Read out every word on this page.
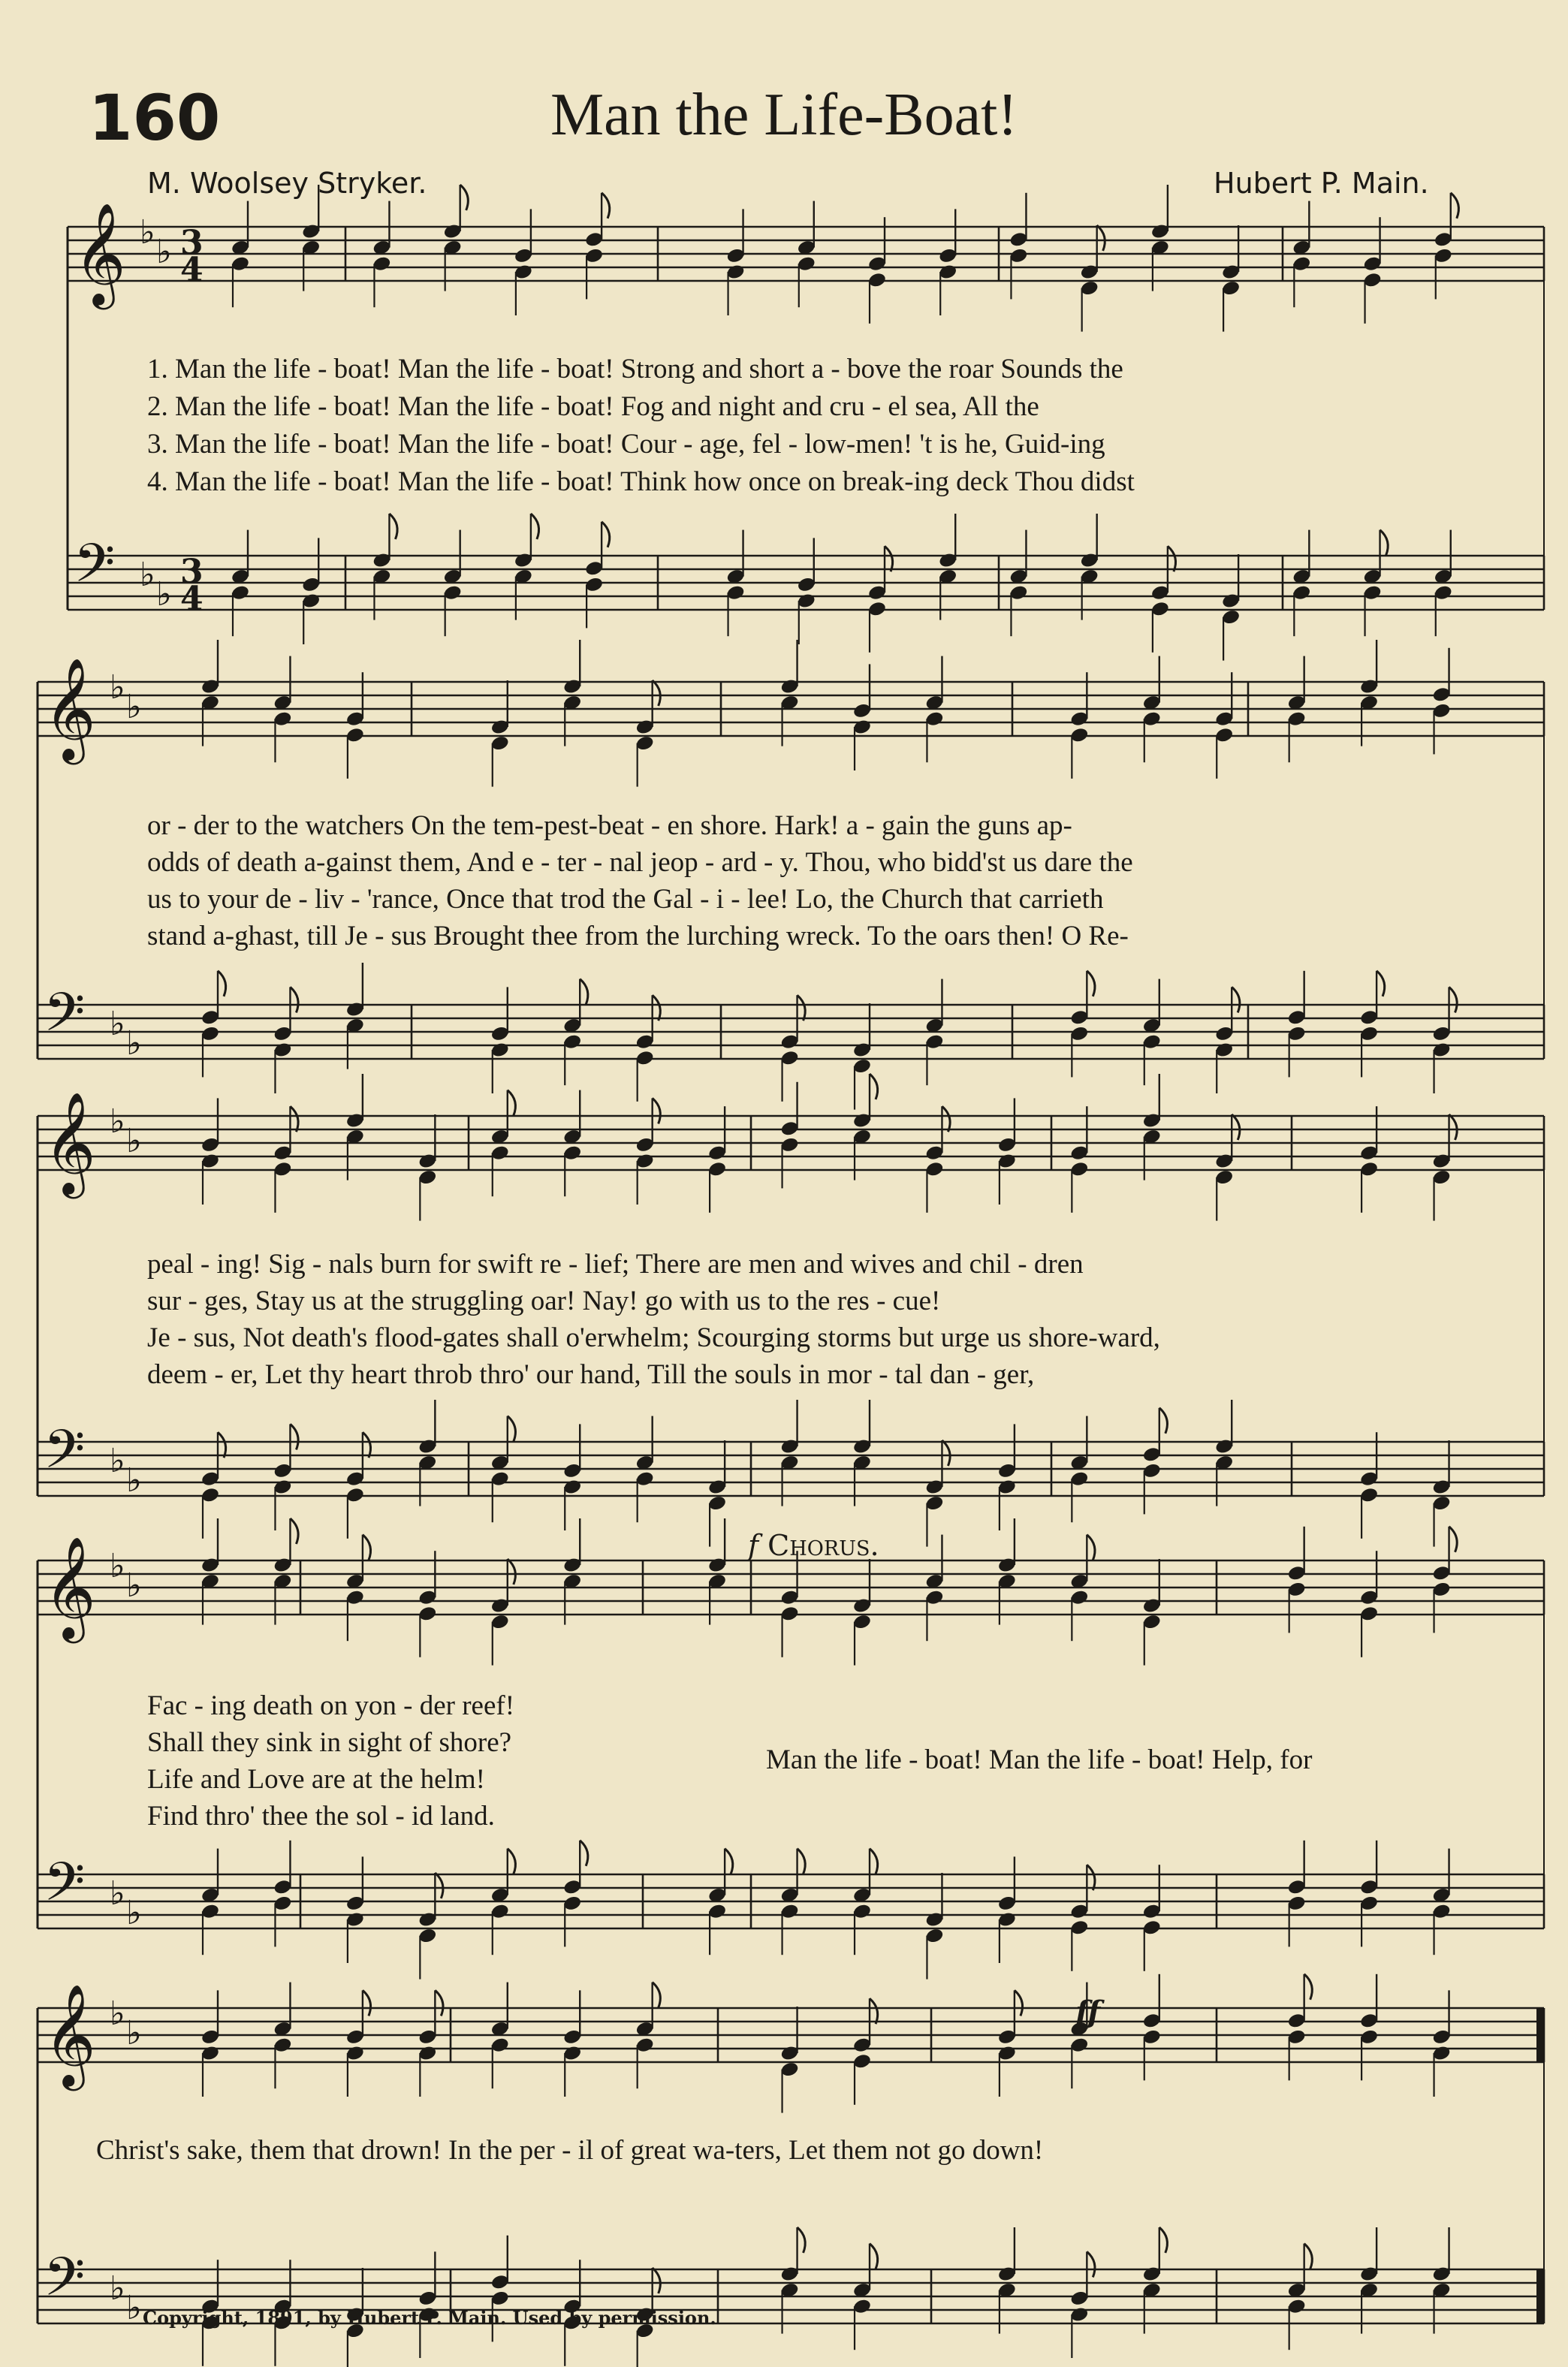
160	Man the Life-Boat!
M. Woolsey Stryker.	Hubert P. Main.
𝄞 ♭
♭ 3
4
𝄢 ♭
♭
3
4
𝄞 ♭
♭
𝄢 ♭
♭
𝄞 ♭
♭
𝄢 ♭
♭
𝄞 ♭
♭
𝄢 ♭
♭
𝄞 ♭
♭
𝄢 ♭
♭
1. Man the life - boat! Man the life - boat! Strong and short a - bove the roar Sounds the
2. Man the life - boat! Man the life - boat! Fog and night and cru - el sea, All the
3. Man the life - boat! Man the life - boat! Cour - age, fel - low-men! 't is he, Guid-ing
4. Man the life - boat! Man the life - boat! Think how once on break-ing deck Thou didst
or - der to the watchers On the tem-pest-beat - en shore. Hark! a - gain the guns ap-
odds of death a-gainst them, And e - ter - nal jeop - ard - y. Thou, who bidd'st us dare the
us to your de - liv - 'rance, Once that trod the Gal - i - lee! Lo, the Church that carrieth
stand a-ghast, till Je - sus Brought thee from the lurching wreck. To the oars then! O Re-
peal - ing! Sig - nals burn for swift re - lief; There are men and wives and chil - dren
sur - ges, Stay us at the struggling oar! Nay! go with us to the res - cue!
Je - sus, Not death's flood-gates shall o'erwhelm; Scourging storms but urge us shore-ward,
deem - er, Let thy heart throb thro' our hand, Till the souls in mor - tal dan - ger,
f Chorus.
Fac - ing death on yon - der reef!
Shall they sink in sight of shore?
Life and Love are at the helm!
Find thro' thee the sol - id land.
Man the life - boat! Man the life - boat! Help, for
Christ's sake, them that drown! In the per - il of great wa-ters, Let them not go down!
ff
Copyright, 1891, by Hubert P. Main. Used by permission.
